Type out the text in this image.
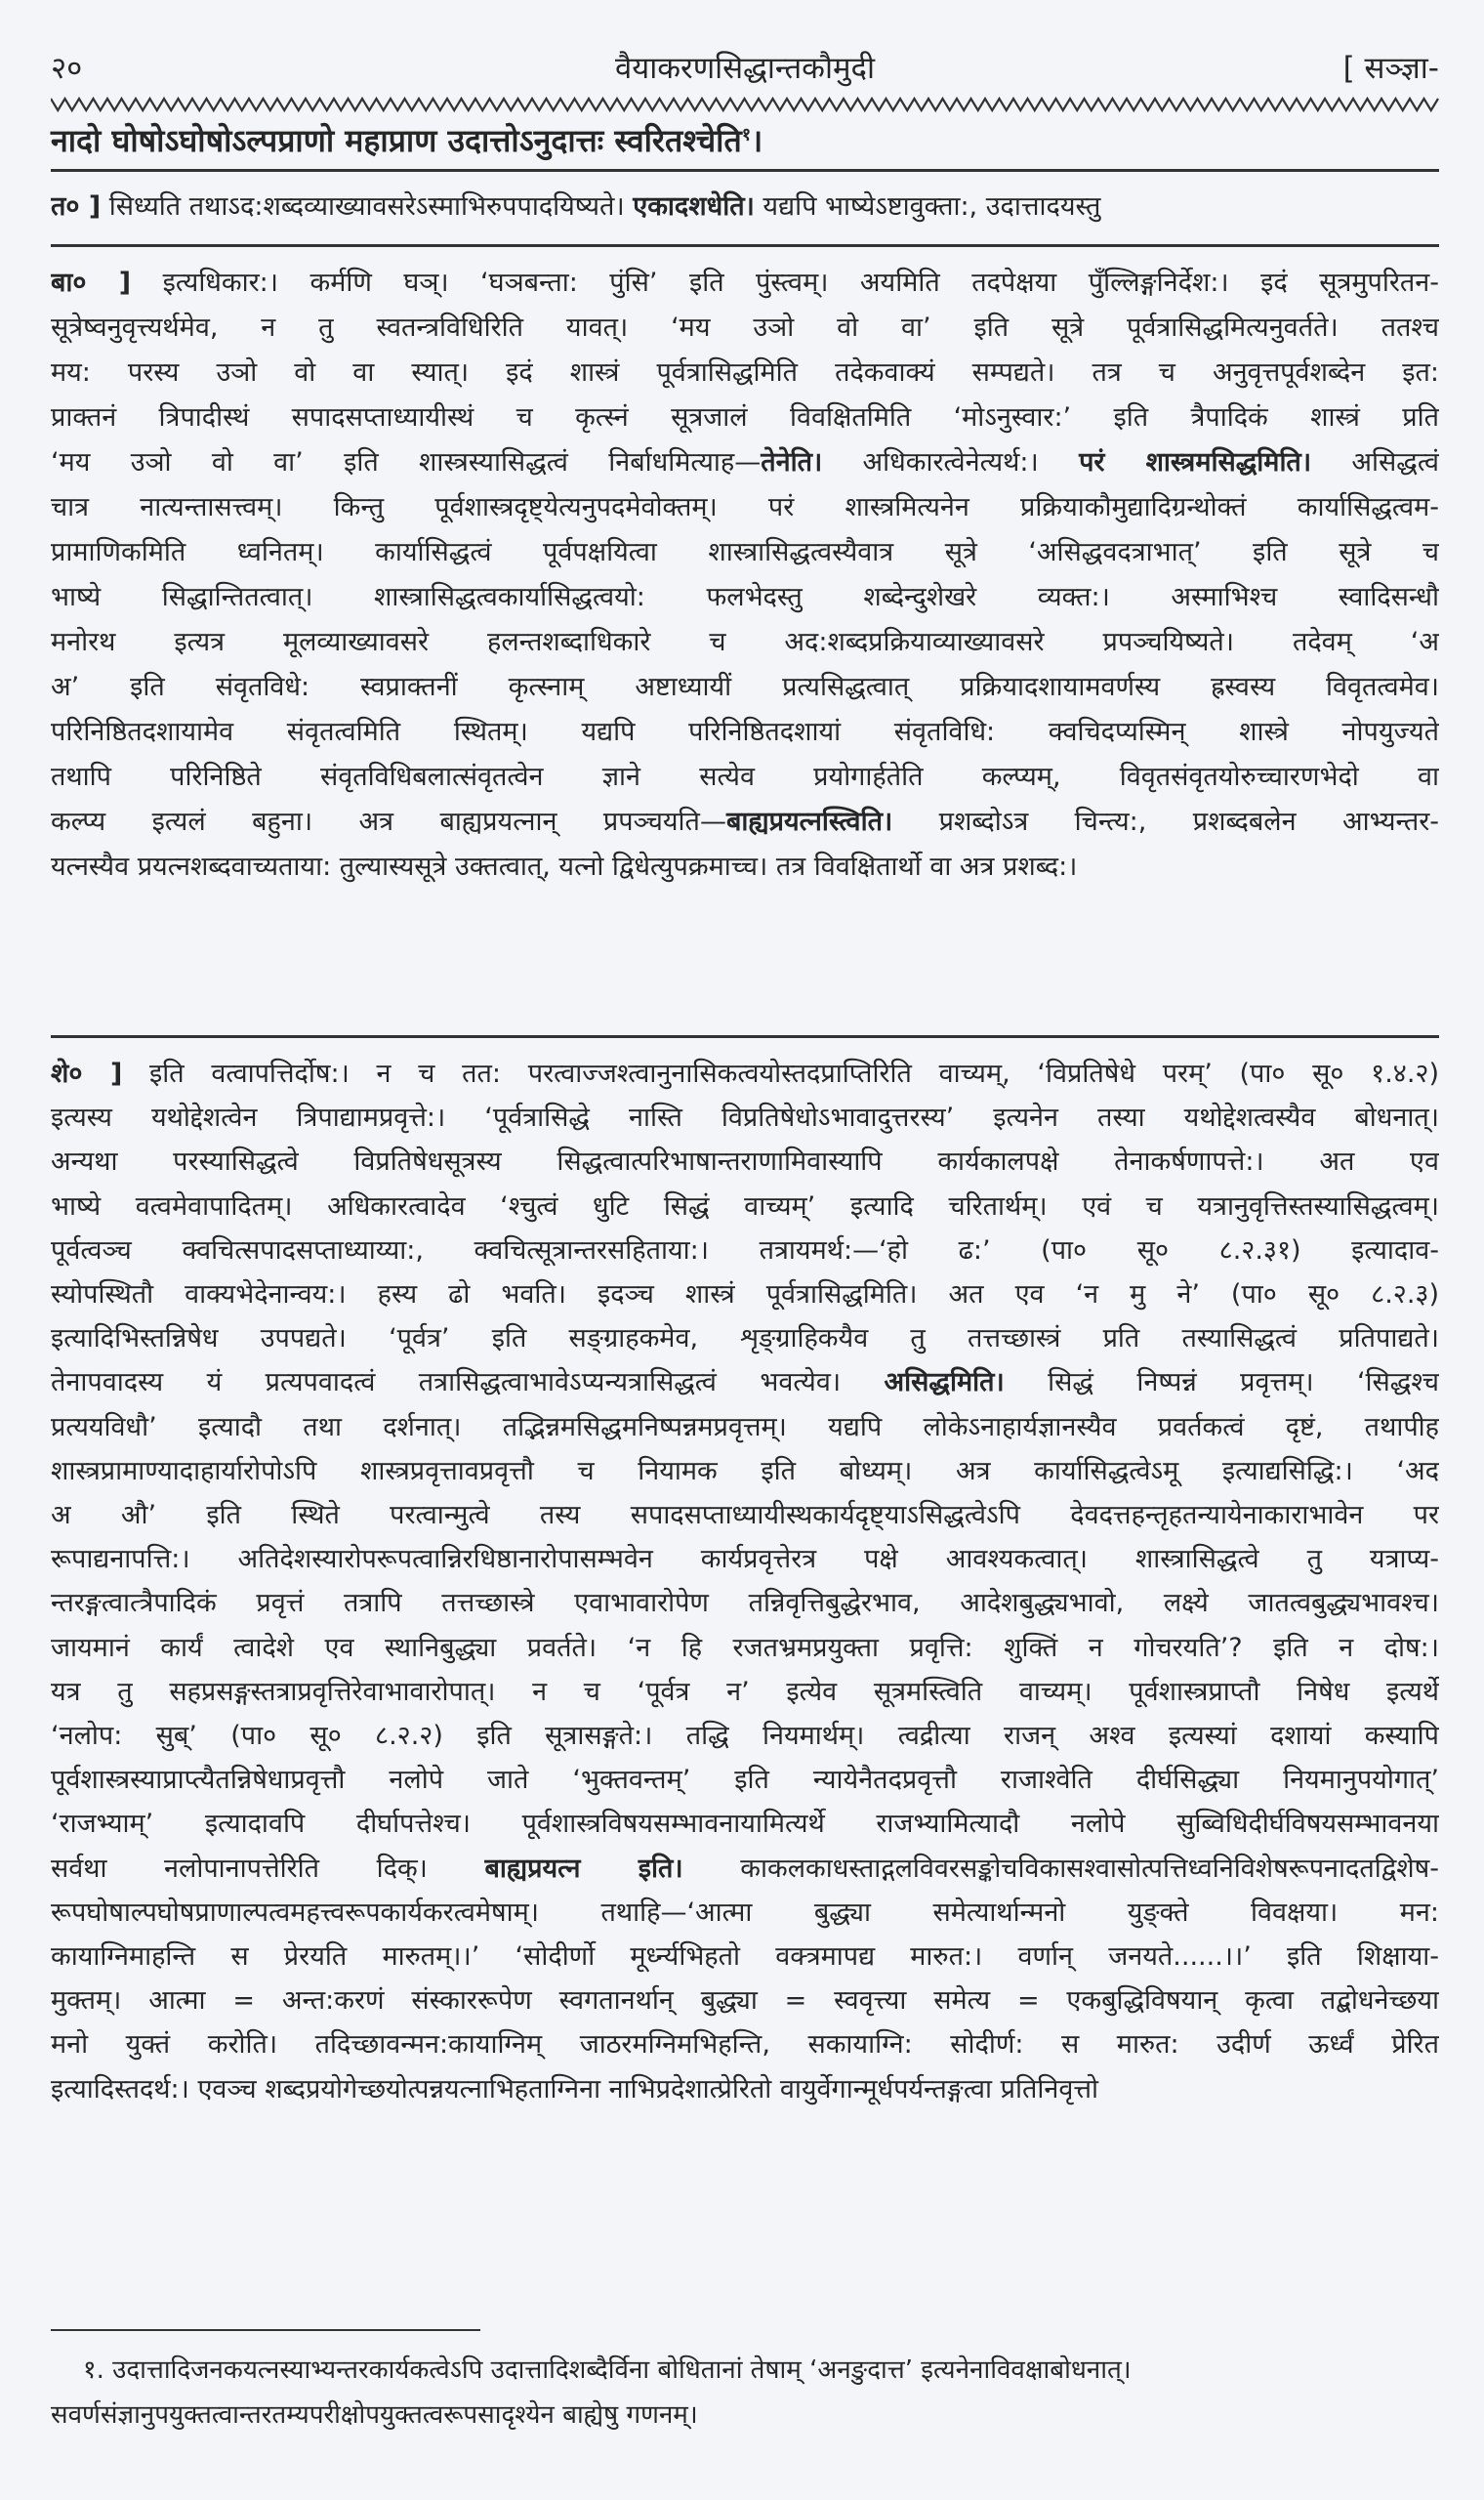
२०	वैयाकरणसिद्धान्तकौमुदी	[ सञ्ज्ञा-
नादो घोषोऽघोषोऽल्पप्राणो महाप्राण उदात्तोऽनुदात्तः स्वरितश्चेति$^१$।
त० ] सिध्यति तथाऽद:शब्दव्याख्यावसरेऽस्माभिरुपपादयिष्यते। एकादशधेति। यद्यपि भाष्येऽष्टावुक्ता:, उदात्तादयस्तु
बा० ] इत्यधिकार:। कर्मणि घञ्। ‘घञबन्ता: पुंसि’ इति पुंस्त्वम्। अयमिति तदपेक्षया पुँल्लिङ्गनिर्देश:। इदं सूत्रमुपरितन-
सूत्रेष्वनुवृत्त्यर्थमेव, न तु स्वतन्त्रविधिरिति यावत्। ‘मय उञो वो वा’ इति सूत्रे पूर्वत्रासिद्धमित्यनुवर्तते। ततश्च
मय: परस्य उञो वो वा स्यात्। इदं शास्त्रं पूर्वत्रासिद्धमिति तदेकवाक्यं सम्पद्यते। तत्र च अनुवृत्तपूर्वशब्देन इत:
प्राक्तनं त्रिपादीस्थं सपादसप्ताध्यायीस्थं च कृत्स्नं सूत्रजालं विवक्षितमिति ‘मोऽनुस्वार:’ इति त्रैपादिकं शास्त्रं प्रति
‘मय उञो वो वा’ इति शास्त्रस्यासिद्धत्वं निर्बाधमित्याह—तेनेति। अधिकारत्वेनेत्यर्थ:। परं शास्त्रमसिद्धमिति। असिद्धत्वं
चात्र नात्यन्तासत्त्वम्। किन्तु पूर्वशास्त्रदृष्ट्येत्यनुपदमेवोक्तम्। परं शास्त्रमित्यनेन प्रक्रियाकौमुद्यादिग्रन्थोक्तं कार्यासिद्धत्वम-
प्रामाणिकमिति ध्वनितम्। कार्यासिद्धत्वं पूर्वपक्षयित्वा शास्त्रासिद्धत्वस्यैवात्र सूत्रे ‘असिद्धवदत्राभात्’ इति सूत्रे च
भाष्ये सिद्धान्तितत्वात्। शास्त्रासिद्धत्वकार्यासिद्धत्वयो: फलभेदस्तु शब्देन्दुशेखरे व्यक्त:। अस्माभिश्च स्वादिसन्धौ
मनोरथ इत्यत्र मूलव्याख्यावसरे हलन्तशब्दाधिकारे च अद:शब्दप्रक्रियाव्याख्यावसरे प्रपञ्चयिष्यते। तदेवम् ‘अ
अ’ इति संवृतविधे: स्वप्राक्तनीं कृत्स्नाम् अष्टाध्यायीं प्रत्यसिद्धत्वात् प्रक्रियादशायामवर्णस्य ह्रस्वस्य विवृतत्वमेव।
परिनिष्ठितदशायामेव संवृतत्वमिति स्थितम्। यद्यपि परिनिष्ठितदशायां संवृतविधि: क्वचिदप्यस्मिन् शास्त्रे नोपयुज्यते
तथापि परिनिष्ठिते संवृतविधिबलात्संवृतत्वेन ज्ञाने सत्येव प्रयोगार्हतेति कल्प्यम्, विवृतसंवृतयोरुच्चारणभेदो वा
कल्प्य इत्यलं बहुना। अत्र बाह्यप्रयत्नान् प्रपञ्चयति—बाह्यप्रयत्नस्त्विति। प्रशब्दोऽत्र चिन्त्य:, प्रशब्दबलेन आभ्यन्तर-
यत्नस्यैव प्रयत्नशब्दवाच्यताया: तुल्यास्यसूत्रे उक्तत्वात्, यत्नो द्विधेत्युपक्रमाच्च। तत्र विवक्षितार्थो वा अत्र प्रशब्द:।
शे० ] इति वत्वापत्तिर्दोष:। न च तत: परत्वाज्जश्त्वानुनासिकत्वयोस्तदप्राप्तिरिति वाच्यम्, ‘विप्रतिषेधे परम्’ (पा० सू० १.४.२)
इत्यस्य यथोद्देशत्वेन त्रिपाद्यामप्रवृत्ते:। ‘पूर्वत्रासिद्धे नास्ति विप्रतिषेधोऽभावादुत्तरस्य’ इत्यनेन तस्या यथोद्देशत्वस्यैव बोधनात्।
अन्यथा परस्यासिद्धत्वे विप्रतिषेधसूत्रस्य सिद्धत्वात्परिभाषान्तराणामिवास्यापि कार्यकालपक्षे तेनाकर्षणापत्ते:। अत एव
भाष्ये वत्वमेवापादितम्। अधिकारत्वादेव ‘श्चुत्वं धुटि सिद्धं वाच्यम्’ इत्यादि चरितार्थम्। एवं च यत्रानुवृत्तिस्तस्यासिद्धत्वम्।
पूर्वत्वञ्च क्वचित्सपादसप्ताध्याय्या:, क्वचित्सूत्रान्तरसहिताया:। तत्रायमर्थ:—‘हो ढ:’ (पा० सू० ८.२.३१) इत्यादाव-
स्योपस्थितौ वाक्यभेदेनान्वय:। हस्य ढो भवति। इदञ्च शास्त्रं पूर्वत्रासिद्धमिति। अत एव ‘न मु ने’ (पा० सू० ८.२.३)
इत्यादिभिस्तन्निषेध उपपद्यते। ‘पूर्वत्र’ इति सङ्ग्राहकमेव, शृङ्ग्राहिकयैव तु तत्तच्छास्त्रं प्रति तस्यासिद्धत्वं प्रतिपाद्यते।
तेनापवादस्य यं प्रत्यपवादत्वं तत्रासिद्धत्वाभावेऽप्यन्यत्रासिद्धत्वं भवत्येव। असिद्धमिति। सिद्धं निष्पन्नं प्रवृत्तम्। ‘सिद्धश्च
प्रत्ययविधौ’ इत्यादौ तथा दर्शनात्। तद्भिन्नमसिद्धमनिष्पन्नमप्रवृत्तम्। यद्यपि लोकेऽनाहार्यज्ञानस्यैव प्रवर्तकत्वं दृष्टं, तथापीह
शास्त्रप्रामाण्यादाहार्यारोपोऽपि शास्त्रप्रवृत्तावप्रवृत्तौ च नियामक इति बोध्यम्। अत्र कार्यासिद्धत्वेऽमू इत्याद्यसिद्धि:। ‘अद
अ औ’ इति स्थिते परत्वान्मुत्वे तस्य सपादसप्ताध्यायीस्थकार्यदृष्ट्याऽसिद्धत्वेऽपि देवदत्तहन्तृहतन्यायेनाकाराभावेन पर
रूपाद्यनापत्ति:। अतिदेशस्यारोपरूपत्वान्निरधिष्ठानारोपासम्भवेन कार्यप्रवृत्तेरत्र पक्षे आवश्यकत्वात्। शास्त्रासिद्धत्वे तु यत्राप्य-
न्तरङ्गत्वात्त्रैपादिकं प्रवृत्तं तत्रापि तत्तच्छास्त्रे एवाभावारोपेण तन्निवृत्तिबुद्धेरभाव, आदेशबुद्ध्यभावो, लक्ष्ये जातत्वबुद्ध्यभावश्च।
जायमानं कार्यं त्वादेशे एव स्थानिबुद्ध्या प्रवर्तते। ‘न हि रजतभ्रमप्रयुक्ता प्रवृत्ति: शुक्तिं न गोचरयति’? इति न दोष:।
यत्र तु सहप्रसङ्गस्तत्राप्रवृत्तिरेवाभावारोपात्। न च ‘पूर्वत्र न’ इत्येव सूत्रमस्त्विति वाच्यम्। पूर्वशास्त्रप्राप्तौ निषेध इत्यर्थे
‘नलोप: सुब्’ (पा० सू० ८.२.२) इति सूत्रासङ्गते:। तद्धि नियमार्थम्। त्वद्रीत्या राजन् अश्व इत्यस्यां दशायां कस्यापि
पूर्वशास्त्रस्याप्राप्त्यैतन्निषेधाप्रवृत्तौ नलोपे जाते ‘भुक्तवन्तम्’ इति न्यायेनैतदप्रवृत्तौ राजाश्वेति दीर्घसिद्ध्या नियमानुपयोगात्’
‘राजभ्याम्’ इत्यादावपि दीर्घापत्तेश्च। पूर्वशास्त्रविषयसम्भावनायामित्यर्थे राजभ्यामित्यादौ नलोपे सुब्विधिदीर्घविषयसम्भावनया
सर्वथा नलोपानापत्तेरिति दिक्। बाह्यप्रयत्न इति। काकलकाधस्ताद्गलविवरसङ्कोचविकासश्वासोत्पत्तिध्वनिविशेषरूपनादतद्विशेष-
रूपघोषाल्पघोषप्राणाल्पत्वमहत्त्वरूपकार्यकरत्वमेषाम्। तथाहि—‘आत्मा बुद्ध्या समेत्यार्थान्मनो युङ्क्ते विवक्षया। मन:
कायाग्निमाहन्ति स प्रेरयति मारुतम्।।’ ‘सोदीर्णो मूर्ध्न्यभिहतो वक्त्रमापद्य मारुत:। वर्णान् जनयते......।।’ इति शिक्षाया-
मुक्तम्। आत्मा = अन्त:करणं संस्काररूपेण स्वगतानर्थान् बुद्ध्या = स्ववृत्त्या समेत्य = एकबुद्धिविषयान् कृत्वा तद्बोधनेच्छया
मनो युक्तं करोति। तदिच्छावन्मन:कायाग्निम् जाठरमग्निमभिहन्ति, सकायाग्नि: सोदीर्ण: स मारुत: उदीर्ण ऊर्ध्वं प्रेरित
इत्यादिस्तदर्थ:। एवञ्च शब्दप्रयोगेच्छयोत्पन्नयत्नाभिहताग्निना नाभिप्रदेशात्प्रेरितो वायुर्वेगान्मूर्धपर्यन्तङ्गत्वा प्रतिनिवृत्तो
१. उदात्तादिजनकयत्नस्याभ्यन्तरकार्यकत्वेऽपि उदात्तादिशब्दैर्विना बोधितानां तेषाम् ‘अनङुदात्त’ इत्यनेनाविवक्षाबोधनात्।
सवर्णसंज्ञानुपयुक्तत्वान्तरतम्यपरीक्षोपयुक्तत्वरूपसादृश्येन बाह्येषु गणनम्।
